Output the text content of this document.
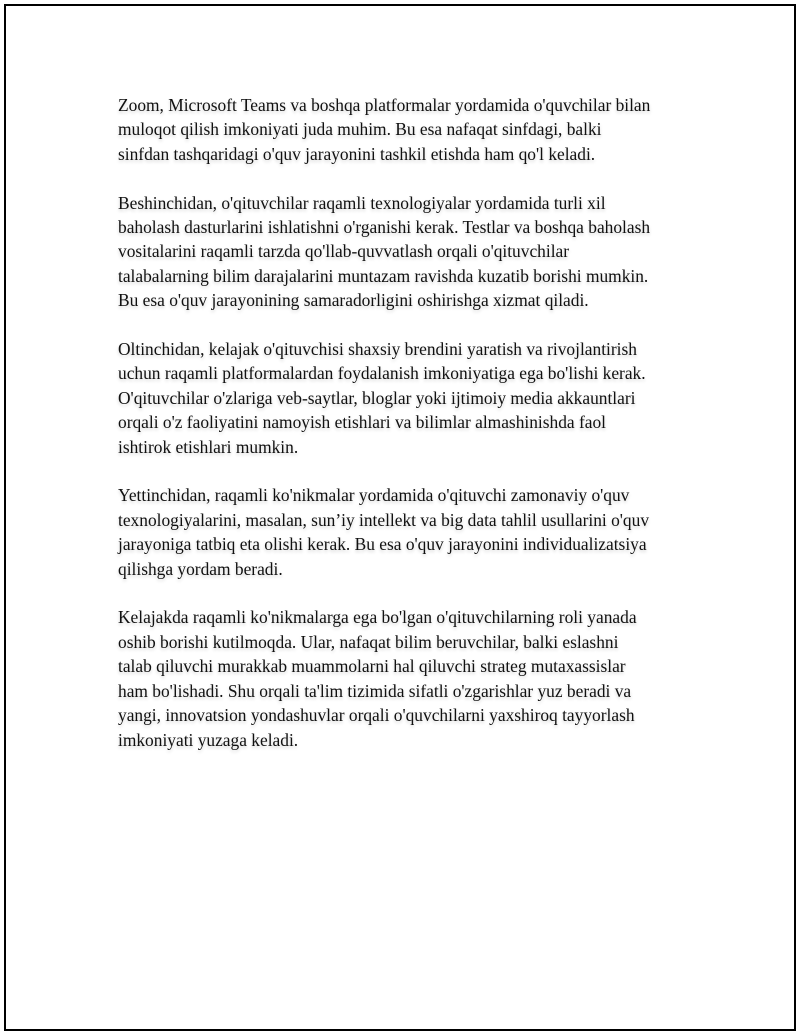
Zoom, Microsoft Teams va boshqa platformalar yordamida o'quvchilar bilan
muloqot qilish imkoniyati juda muhim. Bu esa nafaqat sinfdagi, balki
sinfdan tashqaridagi o'quv jarayonini tashkil etishda ham qo'l keladi.

Beshinchidan, o'qituvchilar raqamli texnologiyalar yordamida turli xil
baholash dasturlarini ishlatishni o'rganishi kerak. Testlar va boshqa baholash
vositalarini raqamli tarzda qo'llab-quvvatlash orqali o'qituvchilar
talabalarning bilim darajalarini muntazam ravishda kuzatib borishi mumkin.
Bu esa o'quv jarayonining samaradorligini oshirishga xizmat qiladi.

Oltinchidan, kelajak o'qituvchisi shaxsiy brendini yaratish va rivojlantirish
uchun raqamli platformalardan foydalanish imkoniyatiga ega bo'lishi kerak.
O'qituvchilar o'zlariga veb-saytlar, bloglar yoki ijtimoiy media akkauntlari
orqali o'z faoliyatini namoyish etishlari va bilimlar almashinishda faol
ishtirok etishlari mumkin.

Yettinchidan, raqamli ko'nikmalar yordamida o'qituvchi zamonaviy o'quv
texnologiyalarini, masalan, sun’iy intellekt va big data tahlil usullarini o'quv
jarayoniga tatbiq eta olishi kerak. Bu esa o'quv jarayonini individualizatsiya
qilishga yordam beradi.

Kelajakda raqamli ko'nikmalarga ega bo'lgan o'qituvchilarning roli yanada
oshib borishi kutilmoqda. Ular, nafaqat bilim beruvchilar, balki eslashni
talab qiluvchi murakkab muammolarni hal qiluvchi strateg mutaxassislar
ham bo'lishadi. Shu orqali ta'lim tizimida sifatli o'zgarishlar yuz beradi va
yangi, innovatsion yondashuvlar orqali o'quvchilarni yaxshiroq tayyorlash
imkoniyati yuzaga keladi.
